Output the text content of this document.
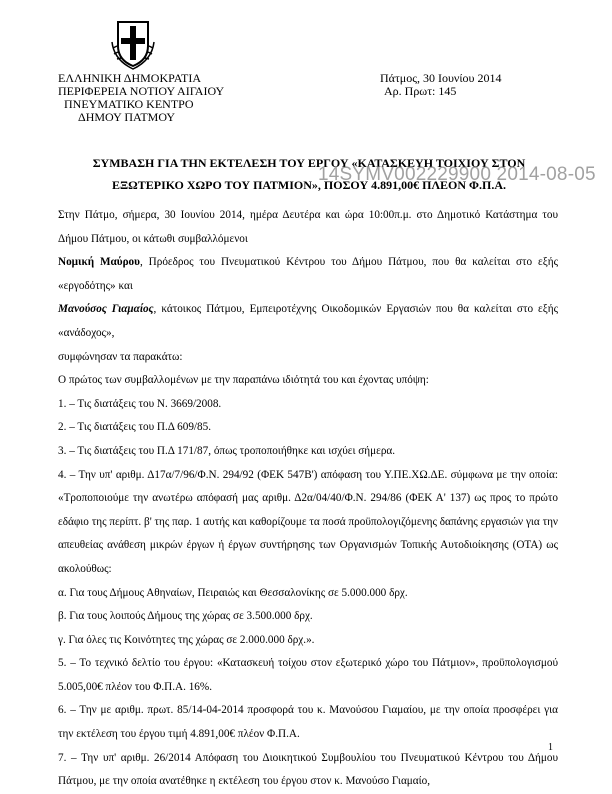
ΕΛΛΗΝΙΚΗ ΔΗΜΟΚΡΑΤΙΑ
ΠΕΡΙΦΕΡΕΙΑ ΝΟΤΙΟΥ ΑΙΓΑΙΟΥ
ΠΝΕΥΜΑΤΙΚΟ ΚΕΝΤΡΟ
ΔΗΜΟΥ ΠΑΤΜΟΥ
Πάτμος, 30 Ιουνίου 2014
Αρ. Πρωτ: 145
ΣΥΜΒΑΣΗ ΓΙΑ ΤΗΝ ΕΚΤΕΛΕΣΗ ΤΟΥ ΕΡΓΟΥ «ΚΑΤΑΣΚΕΥΗ ΤΟΙΧΙΟΥ ΣΤΟΝ
ΕΞΩΤΕΡΙΚΟ ΧΩΡΟ ΤΟΥ ΠΑΤΜΙΟΝ», ΠΟΣΟΥ 4.891,00€ ΠΛΕΟΝ Φ.Π.Α.
14SYMV002229900 2014-08-05

Στην Πάτμο, σήμερα, 30 Ιουνίου 2014, ημέρα Δευτέρα και ώρα 10:00π.μ. στο Δημοτικό Κατάστημα του Δήμου Πάτμου, οι κάτωθι συμβαλλόμενοι

Νομική Μαύρου, Πρόεδρος του Πνευματικού Κέντρου του Δήμου Πάτμου, που θα καλείται στο εξής «εργοδότης» και

Μανούσος Γιαμαίος, κάτοικος Πάτμου, Εμπειροτέχνης Οικοδομικών Εργασιών που θα καλείται στο εξής «ανάδοχος»,

συμφώνησαν τα παρακάτω:

Ο πρώτος των συμβαλλομένων με την παραπάνω ιδιότητά του και έχοντας υπόψη:

1. – Τις διατάξεις του Ν. 3669/2008.

2. – Τις διατάξεις του Π.Δ 609/85.

3. – Τις διατάξεις του Π.Δ 171/87, όπως τροποποιήθηκε και ισχύει σήμερα.

4. – Την υπ' αριθμ. Δ17α/7/96/Φ.Ν. 294/92 (ΦΕΚ 547Β') απόφαση του Υ.ΠΕ.ΧΩ.ΔΕ. σύμφωνα με την οποία: «Τροποποιούμε την ανωτέρω απόφασή μας αριθμ. Δ2α/04/40/Φ.Ν. 294/86 (ΦΕΚ Α' 137) ως προς το πρώτο εδάφιο της περίπτ. β' της παρ. 1 αυτής και καθορίζουμε τα ποσά προϋπολογιζόμενης δαπάνης εργασιών για την απευθείας ανάθεση μικρών έργων ή έργων συντήρησης των Οργανισμών Τοπικής Αυτοδιοίκησης (ΟΤΑ) ως ακολούθως:

α. Για τους Δήμους Αθηναίων, Πειραιώς και Θεσσαλονίκης σε 5.000.000 δρχ.

β. Για τους λοιπούς Δήμους της χώρας σε 3.500.000 δρχ.

γ. Για όλες τις Κοινότητες της χώρας σε 2.000.000 δρχ.».

5. – Το τεχνικό δελτίο του έργου: «Κατασκευή τοίχου στον εξωτερικό χώρο του Πάτμιον», προϋπολογισμού 5.005,00€ πλέον του Φ.Π.Α. 16%.

6. – Την με αριθμ. πρωτ. 85/14-04-2014 προσφορά του κ. Μανούσου Γιαμαίου, με την οποία προσφέρει για την εκτέλεση του έργου τιμή 4.891,00€ πλέον Φ.Π.Α.

7. – Την υπ' αριθμ. 26/2014 Απόφαση του Διοικητικού Συμβουλίου του Πνευματικού Κέντρου του Δήμου Πάτμου, με την οποία ανατέθηκε η εκτέλεση του έργου στον κ. Μανούσο Γιαμαίο,

1
